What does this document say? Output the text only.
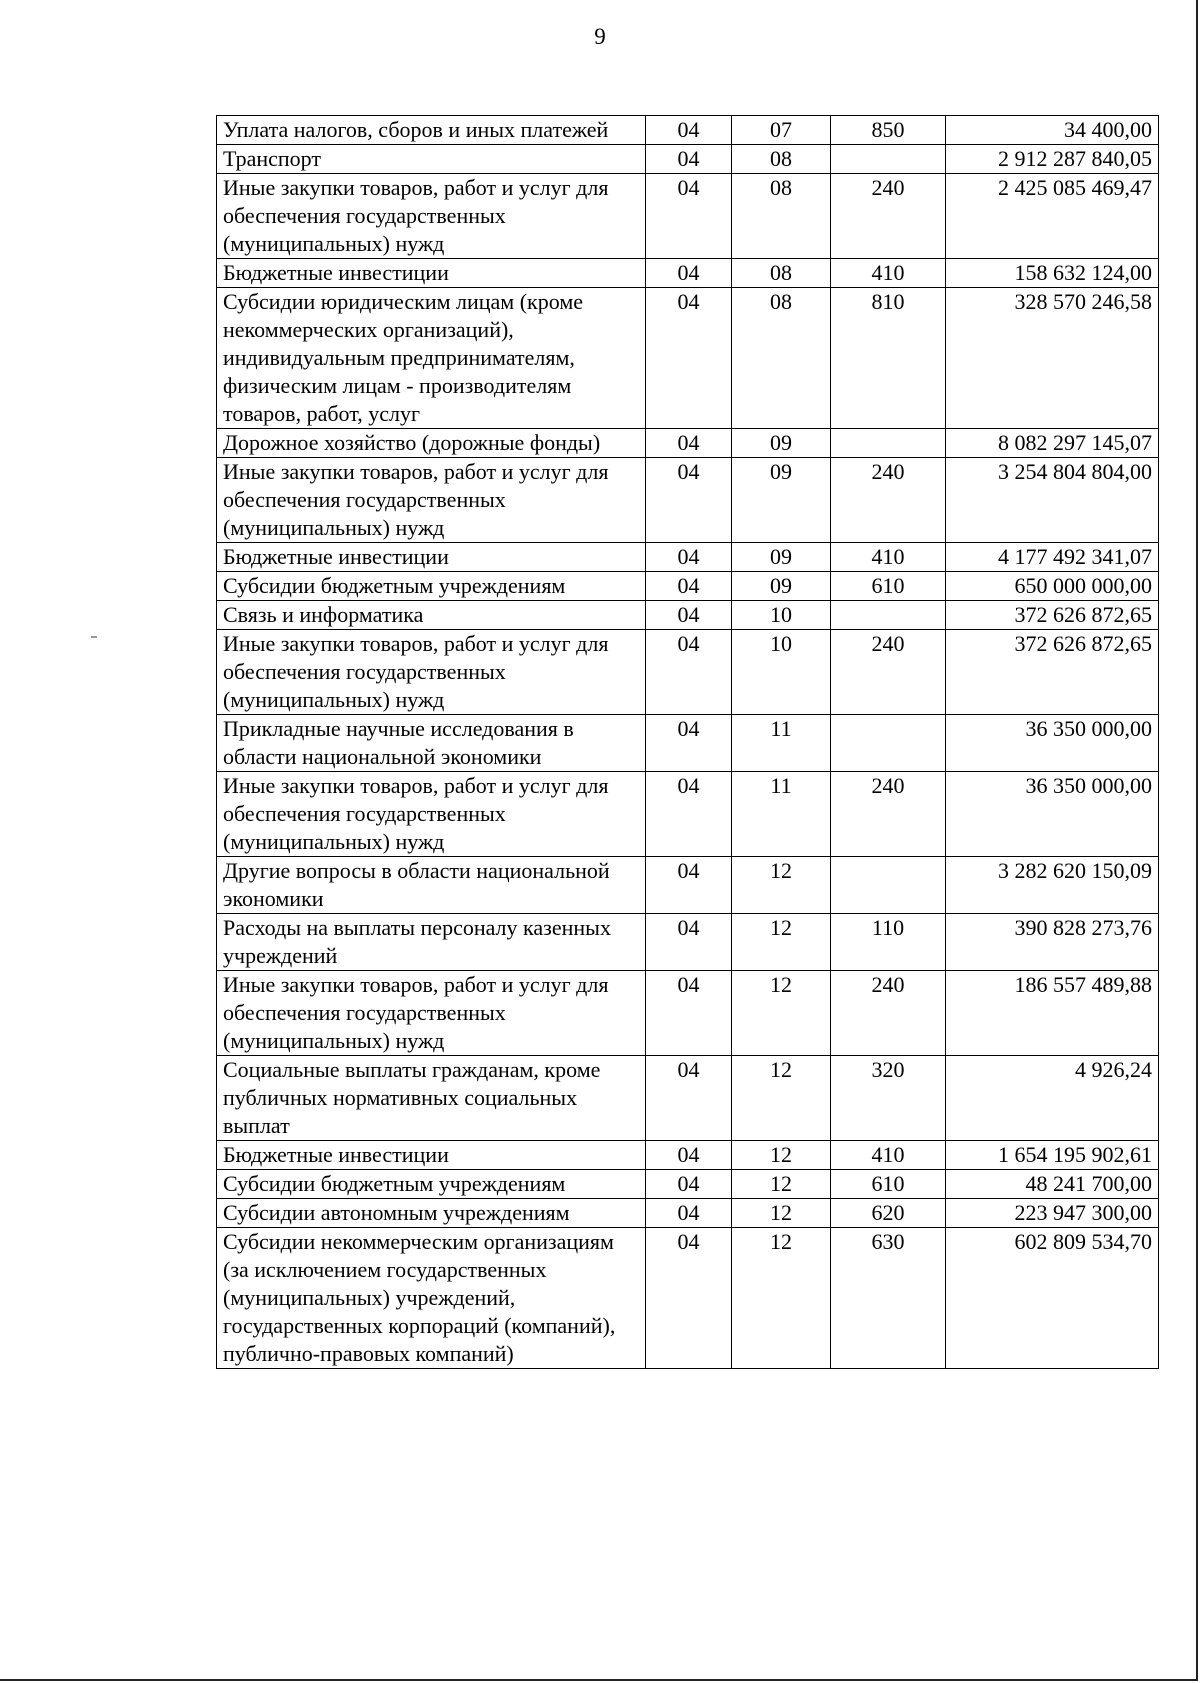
9
Уплата налогов, сборов и иных платежей	04	07	850	34 400,00
Транспорт	04	08		2 912 287 840,05
Иные закупки товаров, работ и услуг для обеспечения государственных (муниципальных) нужд	04	08	240	2 425 085 469,47
Бюджетные инвестиции	04	08	410	158 632 124,00
Субсидии юридическим лицам (кроме некоммерческих организаций), индивидуальным предпринимателям, физическим лицам - производителям товаров, работ, услуг	04	08	810	328 570 246,58
Дорожное хозяйство (дорожные фонды)	04	09		8 082 297 145,07
Иные закупки товаров, работ и услуг для обеспечения государственных (муниципальных) нужд	04	09	240	3 254 804 804,00
Бюджетные инвестиции	04	09	410	4 177 492 341,07
Субсидии бюджетным учреждениям	04	09	610	650 000 000,00
Связь и информатика	04	10		372 626 872,65
Иные закупки товаров, работ и услуг для обеспечения государственных (муниципальных) нужд	04	10	240	372 626 872,65
Прикладные научные исследования в области национальной экономики	04	11		36 350 000,00
Иные закупки товаров, работ и услуг для обеспечения государственных (муниципальных) нужд	04	11	240	36 350 000,00
Другие вопросы в области национальной экономики	04	12		3 282 620 150,09
Расходы на выплаты персоналу казенных учреждений	04	12	110	390 828 273,76
Иные закупки товаров, работ и услуг для обеспечения государственных (муниципальных) нужд	04	12	240	186 557 489,88
Социальные выплаты гражданам, кроме публичных нормативных социальных выплат	04	12	320	4 926,24
Бюджетные инвестиции	04	12	410	1 654 195 902,61
Субсидии бюджетным учреждениям	04	12	610	48 241 700,00
Субсидии автономным учреждениям	04	12	620	223 947 300,00
Субсидии некоммерческим организациям (за исключением государственных (муниципальных) учреждений, государственных корпораций (компаний), публично-правовых компаний)	04	12	630	602 809 534,70
